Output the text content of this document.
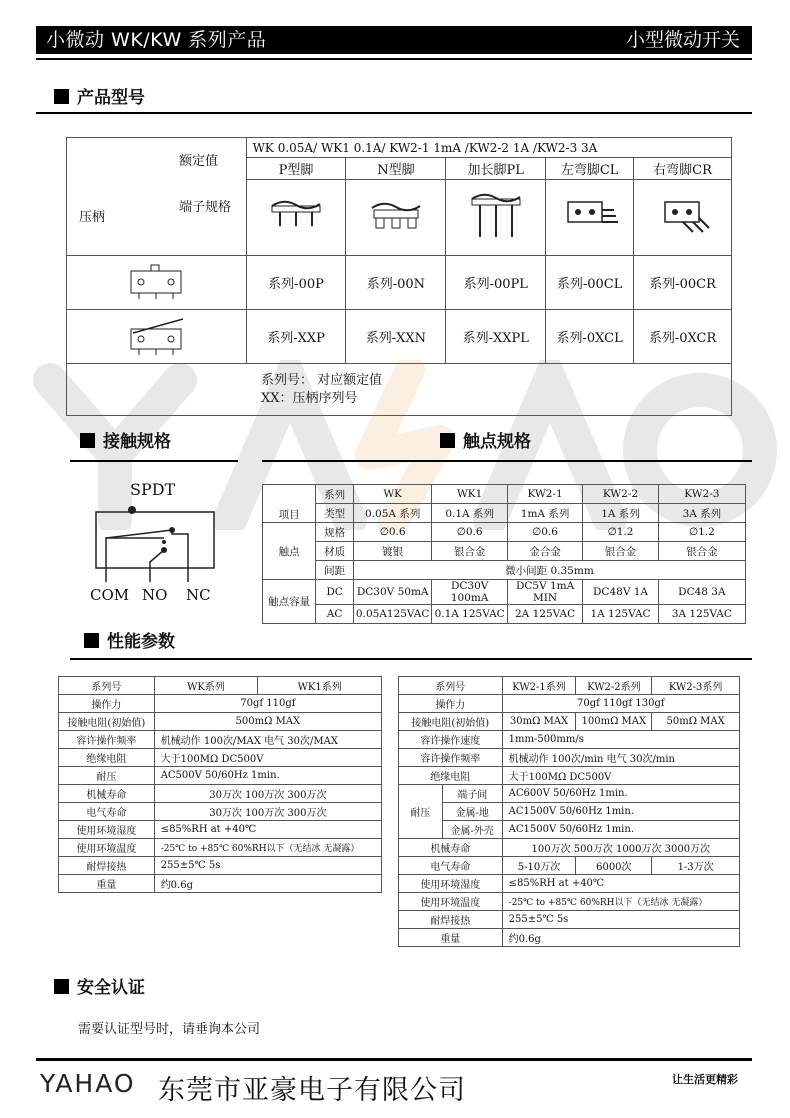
小微动 WK/KW 系列产品	小型微动开关
产品型号
额定值
端子规格
压柄	WK 0.05A/ WK1 0.1A/ KW2-1 1mA /KW2-2 1A /KW2-3 3A				
	P型脚	N型脚	加长脚PL	左弯脚CL	右弯脚CR

	系列-00P	系列-00N	系列-00PL	系列-00CL	系列-00CR
	系列-XXP	系列-XXN	系列-XXPL	系列-0XCL	系列-0XCR

系列号： 对应额定值
XX：压柄序列号					
接触规格	触点规格
SPDT
COM NO NC
项目	系列	WK	WK1	KW2-1	KW2-2	KW2-3
	类型	0.05A 系列	0.1A 系列	1mA 系列	1A 系列	3A 系列
触点	规格	∅0.6	∅0.6	∅0.6	∅1.2	∅1.2
	材质	镀银	银合金	金合金	银合金	银合金
	间距	微小间距 0.35mm				
触点容量	DC	DC30V 50mA	DC30V 100mA	DC5V 1mA MIN	DC48V 1A	DC48 3A
	AC	0.05A125VAC	0.1A 125VAC	2A 125VAC	1A 125VAC	3A 125VAC
性能参数
系列号	WK系列	WK1系列
操作力	70gf 110gf	
接触电阻(初始值)	500mΩ MAX	
容许操作频率	机械动作 100次/MAX 电气 30次/MAX	
绝缘电阻	大于100MΩ DC500V	
耐压	AC500V 50/60Hz 1min.	
机械寿命	30万次 100万次 300万次	
电气寿命	30万次 100万次 300万次	
使用环境湿度	≤85%RH at +40℃	
使用环境温度	-25℃ to +85℃ 60%RH以下（无结冰 无凝露）	
耐焊接热	255±5℃ 5s	
重量	约0.6g	
系列号		KW2-1系列	KW2-2系列	KW2-3系列
操作力		70gf 110gf 130gf		
接触电阻(初始值)		30mΩ MAX	100mΩ MAX	50mΩ MAX
容许操作速度		1mm-500mm/s		
容许操作频率		机械动作 100次/min 电气 30次/min		
绝缘电阻		大于100MΩ DC500V		
耐压	端子间	AC600V 50/60Hz 1min.		
	金属-地	AC1500V 50/60Hz 1min.		
	金属-外壳	AC1500V 50/60Hz 1min.		
机械寿命		100万次 500万次 1000万次 3000万次		
电气寿命		5-10万次	6000次	1-3万次
使用环境湿度		≤85%RH at +40℃		
使用环境温度		-25℃ to +85℃ 60%RH以下（无结冰 无凝露）		
耐焊接热		255±5℃ 5s		
重量		约0.6g		
安全认证
需要认证型号时，请垂询本公司
YAHAO 东莞市亚豪电子有限公司	让生活更精彩
